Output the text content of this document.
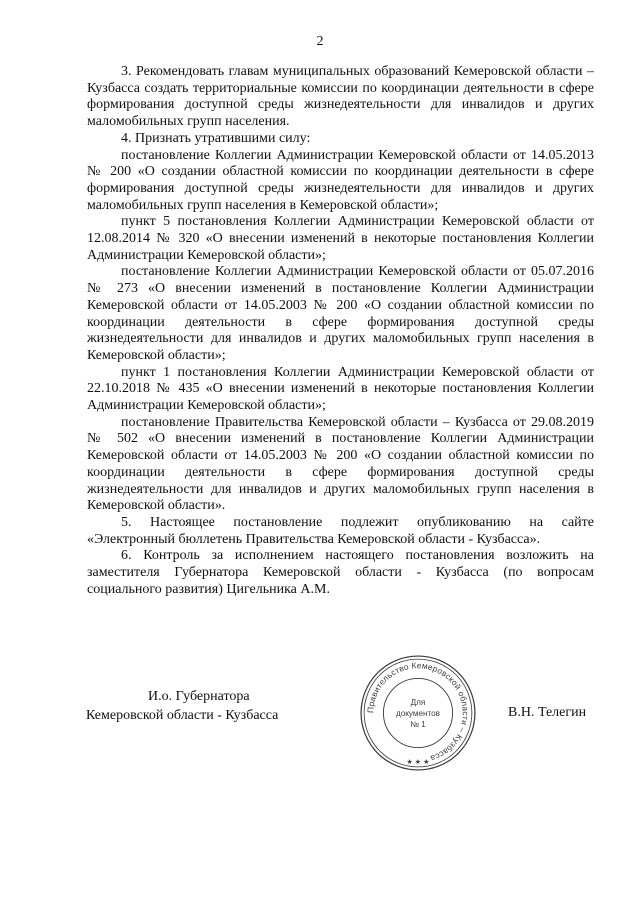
2

3. Рекомендовать главам муниципальных образований Кемеровской области – Кузбасса создать территориальные комиссии по координации деятельности в сфере формирования доступной среды жизнедеятельности для инвалидов и других маломобильных групп населения.

4. Признать утратившими силу:

постановление Коллегии Администрации Кемеровской области от 14.05.2013 № 200 «О создании областной комиссии по координации деятельности в сфере формирования доступной среды жизнедеятельности для инвалидов и других маломобильных групп населения в Кемеровской области»;

пункт 5 постановления Коллегии Администрации Кемеровской области от 12.08.2014 № 320 «О внесении изменений в некоторые постановления Коллегии Администрации Кемеровской области»;

постановление Коллегии Администрации Кемеровской области от 05.07.2016 № 273 «О внесении изменений в постановление Коллегии Администрации Кемеровской области от 14.05.2003 № 200 «О создании областной комиссии по координации деятельности в сфере формирования доступной среды жизнедеятельности для инвалидов и других маломобильных групп населения в Кемеровской области»;

пункт 1 постановления Коллегии Администрации Кемеровской области от 22.10.2018 № 435 «О внесении изменений в некоторые постановления Коллегии Администрации Кемеровской области»;

постановление Правительства Кемеровской области – Кузбасса от 29.08.2019 № 502 «О внесении изменений в постановление Коллегии Администрации Кемеровской области от 14.05.2003 № 200 «О создании областной комиссии по координации деятельности в сфере формирования доступной среды жизнедеятельности для инвалидов и других маломобильных групп населения в Кемеровской области».

5. Настоящее постановление подлежит опубликованию на сайте «Электронный бюллетень Правительства Кемеровской области - Кузбасса».

6. Контроль за исполнением настоящего постановления возложить на заместителя Губернатора Кемеровской области - Кузбасса (по вопросам социального развития) Цигельника А.М.

И.о. Губернатора
Кемеровской области - Кузбасса	В.Н. Телегин
Правительство Кемеровской области – Кузбасса
Для
документов
№ 1
★ ★ ★
